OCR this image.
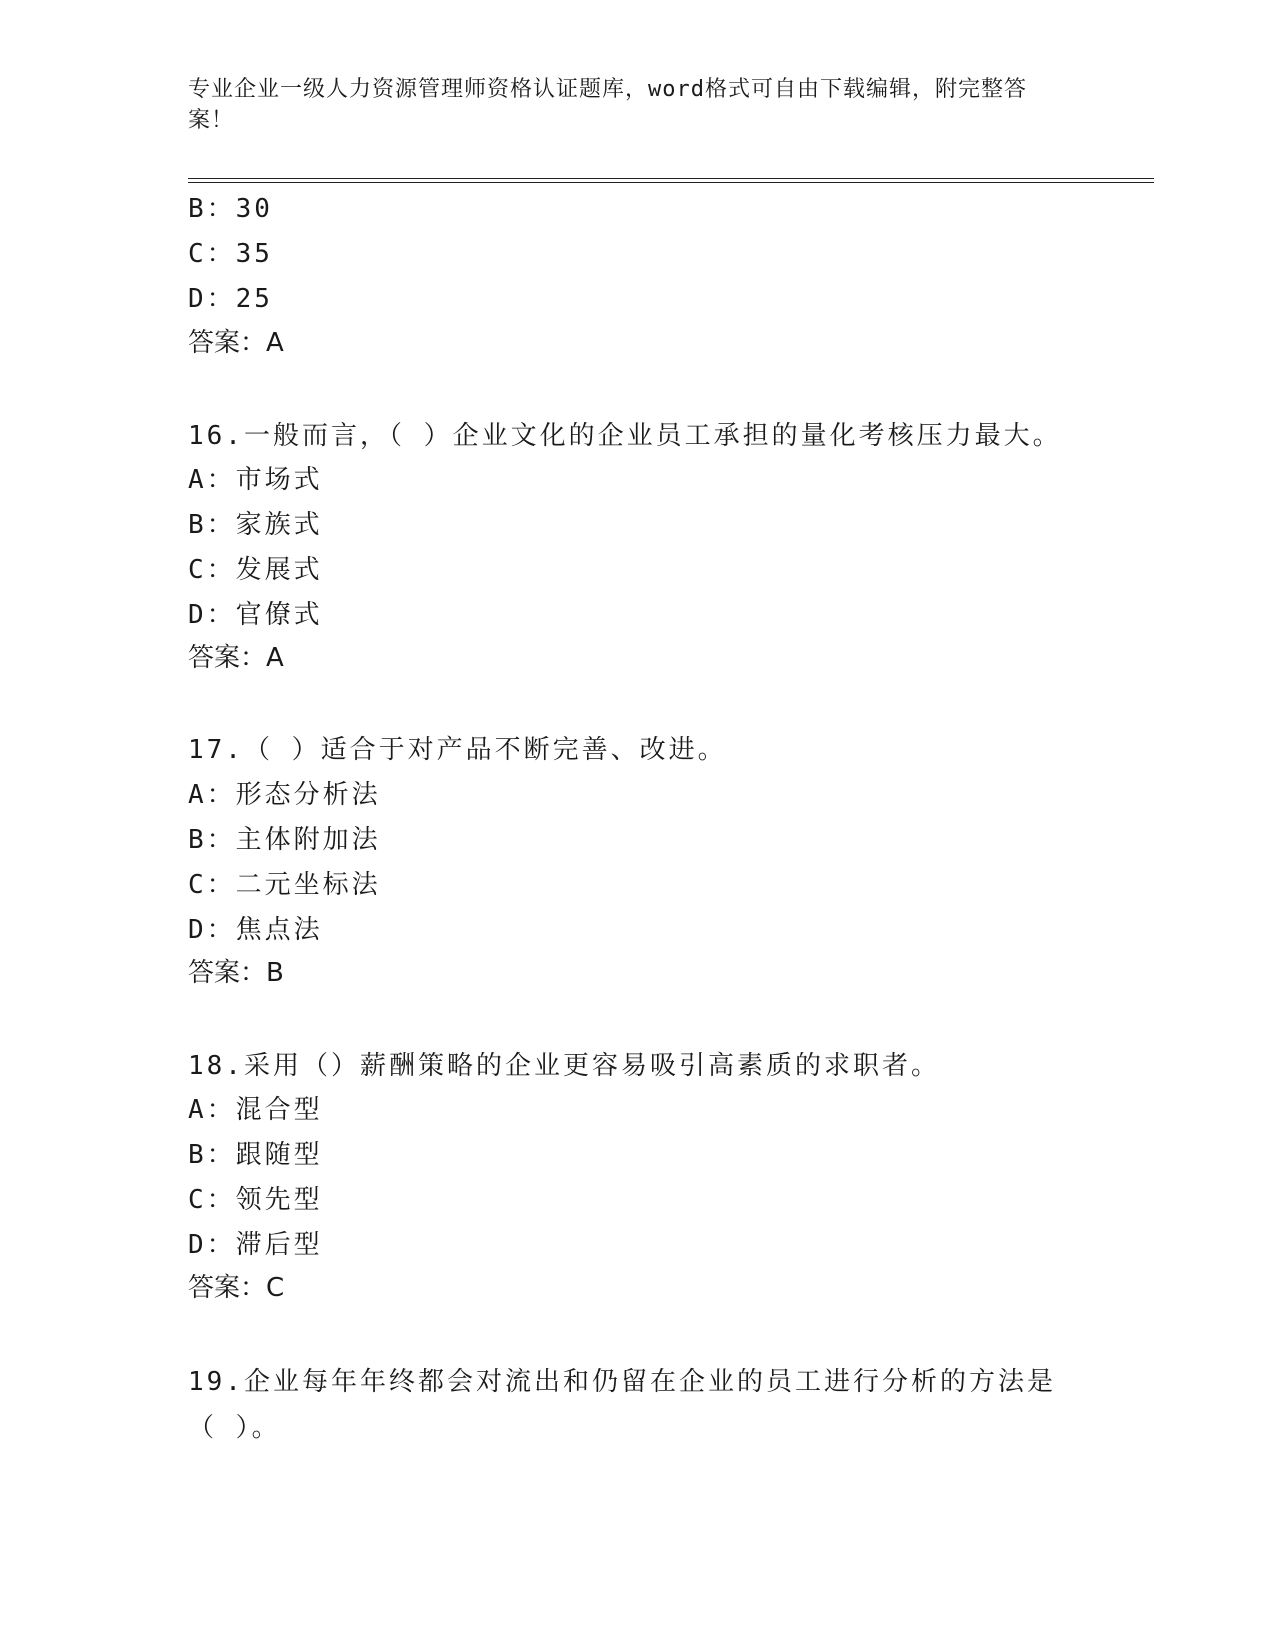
专业企业一级人力资源管理师资格认证题库，word格式可自由下载编辑，附完整答案！
B：30
C：35
D：25
答案：A
16.一般而言，（ ）企业文化的企业员工承担的量化考核压力最大。
A：市场式
B：家族式
C：发展式
D：官僚式
答案：A
17.（ ）适合于对产品不断完善、改进。
A：形态分析法
B：主体附加法
C：二元坐标法
D：焦点法
答案：B
18.采用（）薪酬策略的企业更容易吸引高素质的求职者。
A：混合型
B：跟随型
C：领先型
D：滞后型
答案：C
19.企业每年年终都会对流出和仍留在企业的员工进行分析的方法是（ ）。
